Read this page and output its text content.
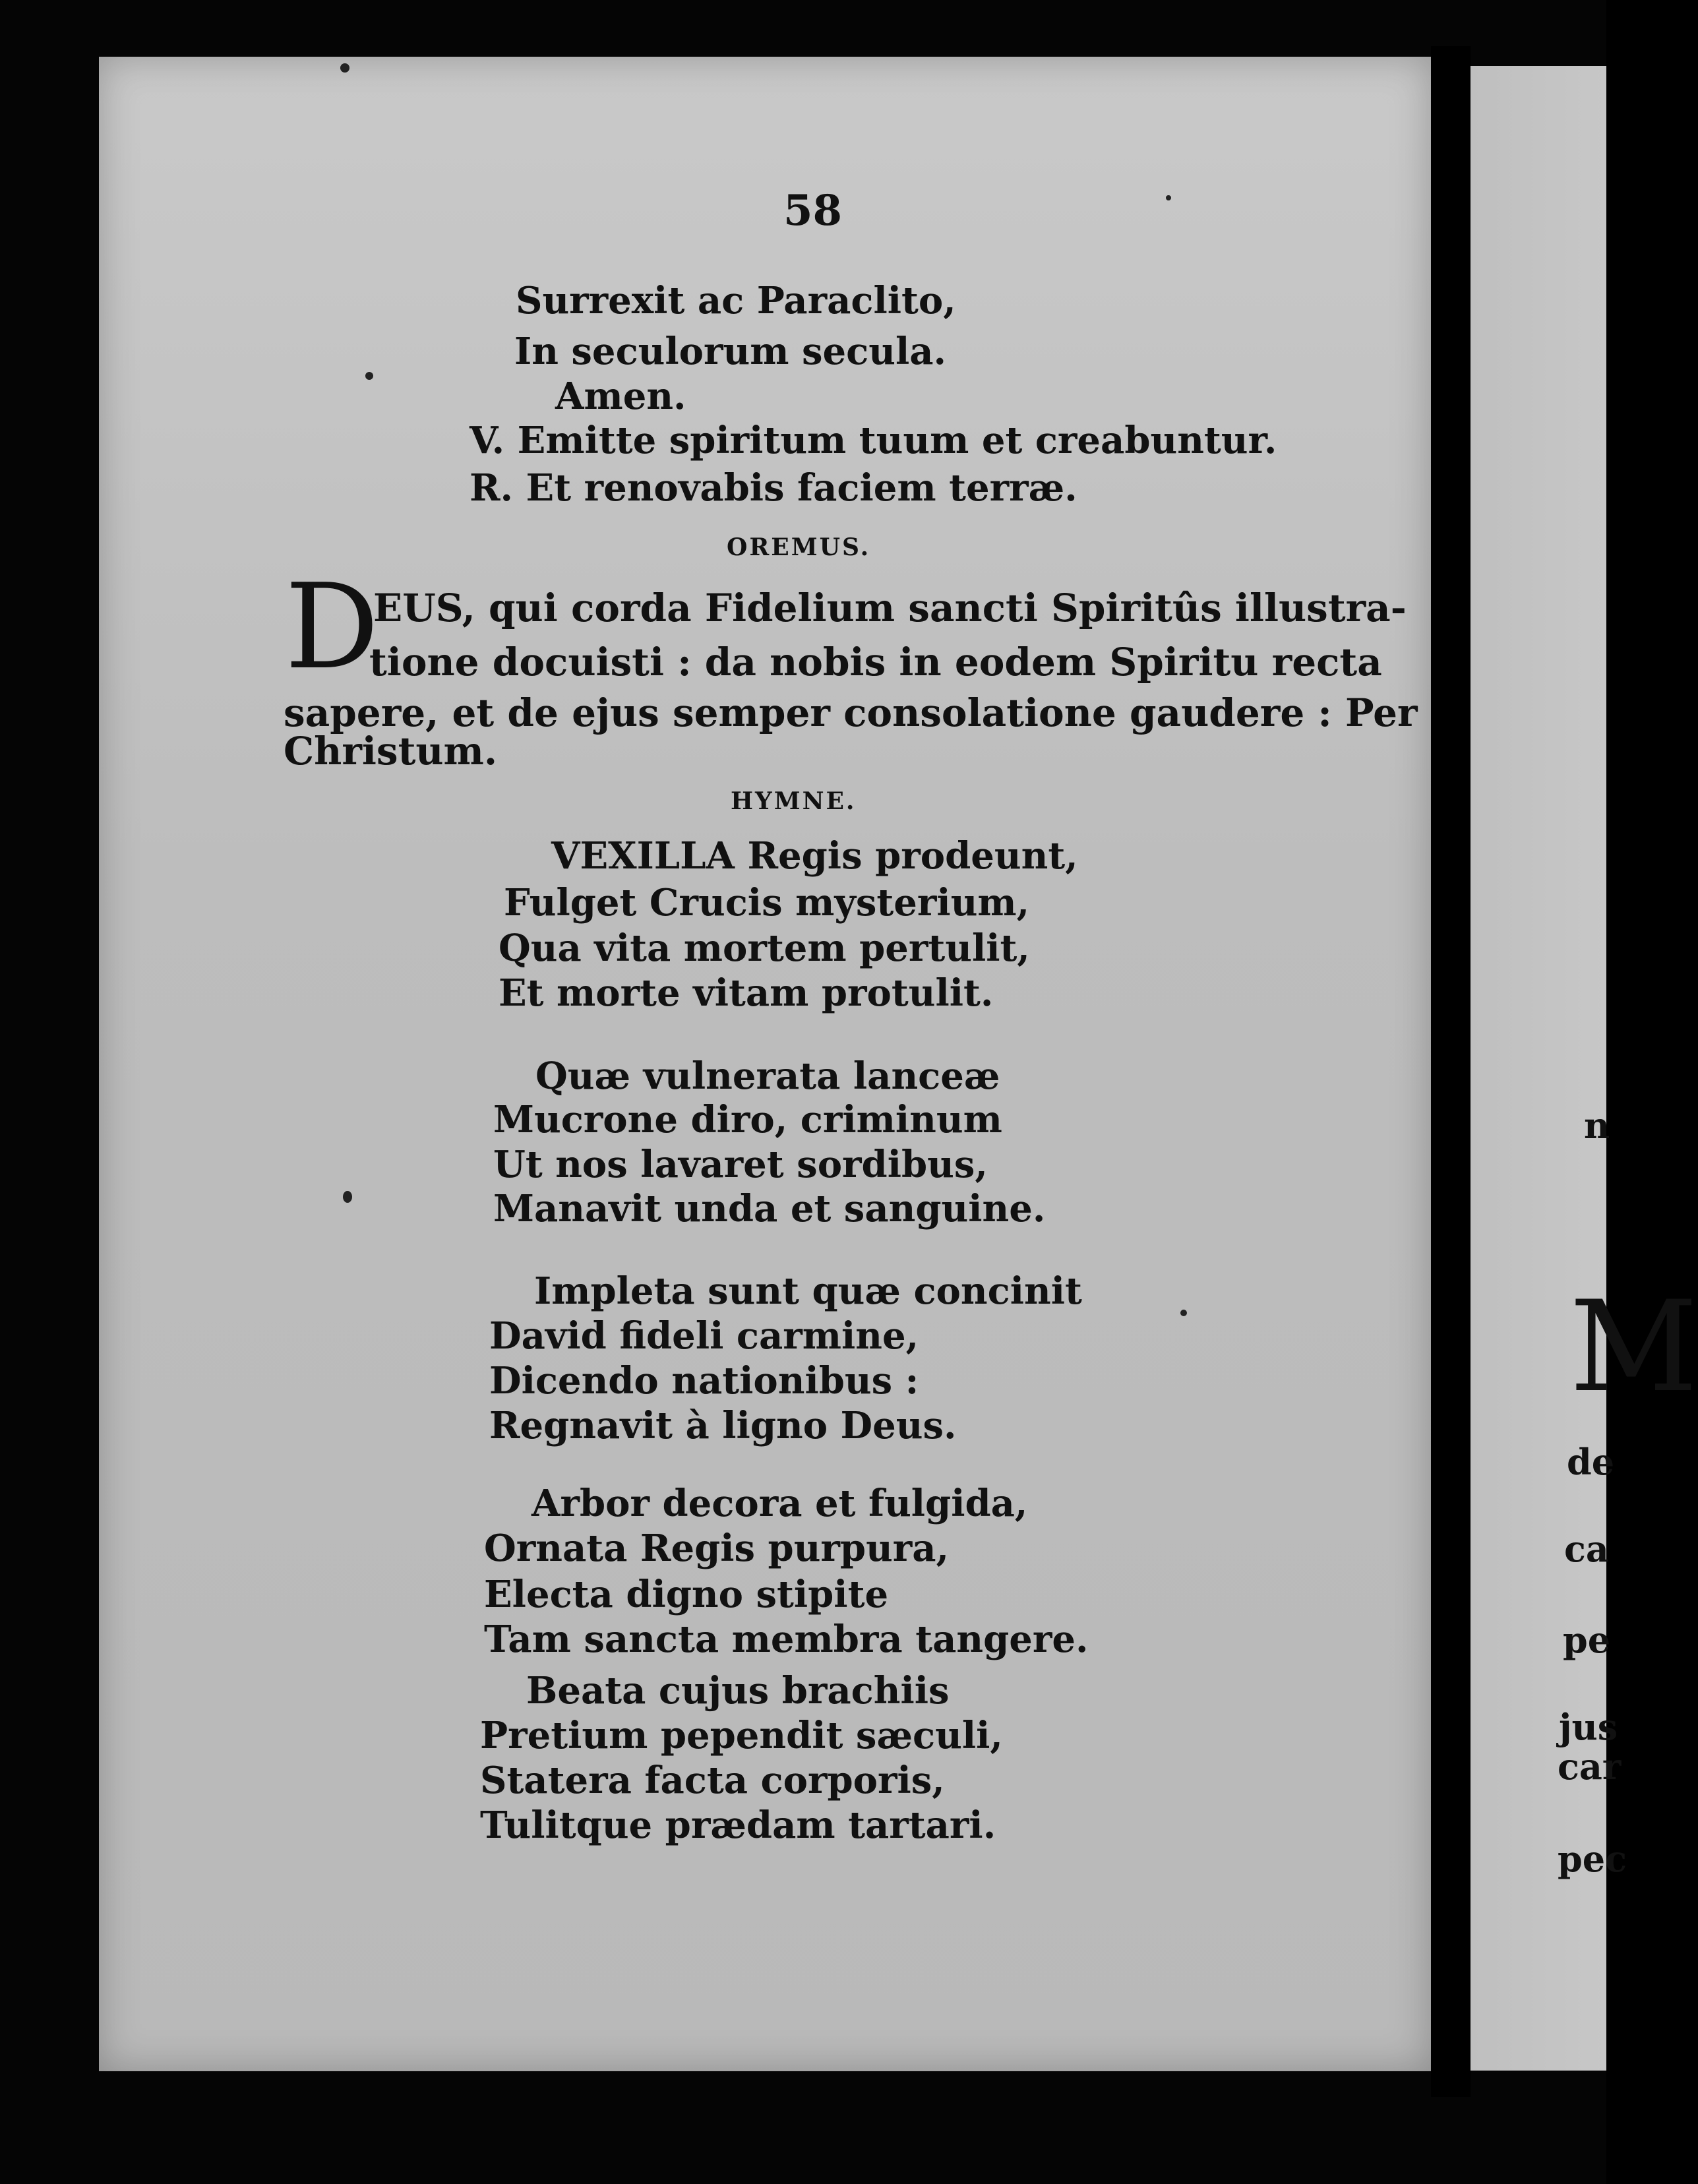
58
Surrexit ac Paraclito,
In seculorum secula.
Amen.
V. Emitte spiritum tuum et creabuntur.
R. Et renovabis faciem terræ.
OREMUS.
D
EUS, qui corda Fidelium sancti Spiritûs illustra-
tione docuisti : da nobis in eodem Spiritu recta
sapere, et de ejus semper consolatione gaudere : Per
Christum.
HYMNE.
VEXILLA Regis prodeunt,
Fulget Crucis mysterium,
Qua vita mortem pertulit,
Et morte vitam protulit.
Quæ vulnerata lanceæ
Mucrone diro, criminum
Ut nos lavaret sordibus,
Manavit unda et sanguine.
Impleta sunt quæ concinit
David fideli carmine,
Dicendo nationibus :
Regnavit à ligno Deus.
Arbor decora et fulgida,
Ornata Regis purpura,
Electa digno stipite
Tam sancta membra tangere.
Beata cujus brachiis
Pretium pependit sæculi,
Statera facta corporis,
Tulitque prædam tartari.
n
M
de
ca
pe
jus
car
pec
